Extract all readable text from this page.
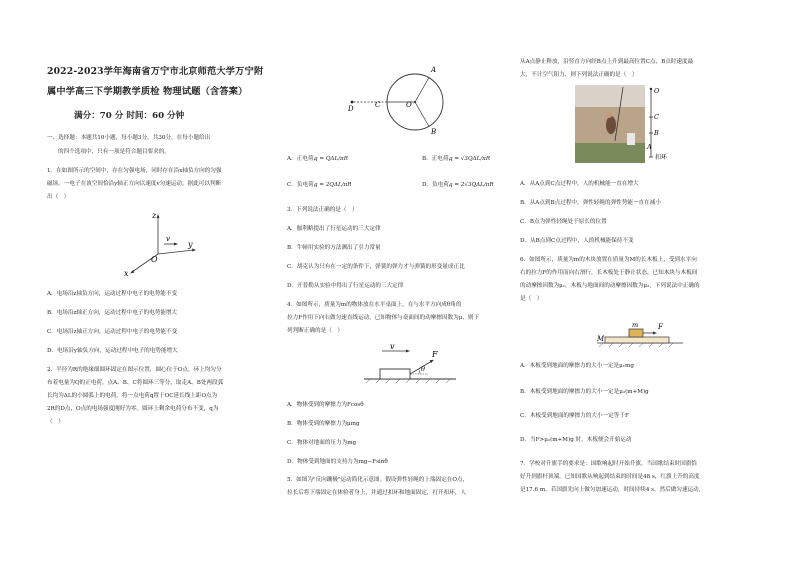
2022-2023学年海南省万宁市北京师范大学万宁附
属中学高三下学期教学质检 物理试题（含答案）
满分：70 分 时间：60 分钟
一、选择题：本题共10小题，每小题3分，共30分。在每小题给出
的四个选项中，只有一项是符合题目要求的。
1．在如图所示的空间中，存在匀强电场，同时存在沿x轴负方向的匀强
磁场。一电子在该空间恰沿y轴正方向以速度v匀速运动。据此可以判断
出（　）
z
y
x
v
O
A．电场沿z轴负方向，运动过程中电子的电势能不变
B．电场沿z轴正方向，运动过程中电子的电势能增大
C．电场沿z轴正方向，运动过程中电子的电势能不变
D．电场沿y轴负方向，运动过程中电子的电势能增大
2．半径为R的绝缘细圆环固定在图示位置，圆心位于O点，环上均匀分
布着电量为Q的正电荷。点A、B、C将圆环三等分，取走A、B处两段弧
长均为ΔL的小圆弧上的电荷。将一点电荷q置于OC延长线上距O点为
2R的D点，O点的电场强度刚好为零。圆环上剩余电荷分布不变，q为
（　）
A
B
C
D	O
A．正电荷，
q = QΔL/πR	B．正电荷，
q = √3QΔL/πR
C．负电荷，
q = 2QΔL/πR	D．负电荷，
q = 2√3QΔL/πR
3．下列说法正确的是（　）
A．伽利略提出了行星运动的三大定律
B．牛顿用实验的方法测出了引力常量
C．胡克认为只有在一定的条件下，弹簧的弹力才与弹簧的形变量成正比
D．开普勒从实验中得出了行星运动的三大定律
4．如图所示，质量为m的物体放在水平桌面上，在与水平方向成θ角的
拉力F作用下向右做匀速直线运动，已知物体与桌面间的动摩擦因数为μ，则下
列判断正确的是（　）
v
F
θ
A．物体受到的摩擦力为Fcosθ
B．物体受到的摩擦力为μmg
C．物体对地面的压力为mg
D．物体受到地面的支持力为mg−Fsinθ
5．如图为"反向蹦极"运动简化示意图。假设弹性轻绳的上端固定在O点，
拉长后将下端固定在体验者身上，并通过扣环和地面固定，打开扣环，人
从A点静止释放，沿竖直方向经B点上升到最高位置C点，B点时速度最
大，不计空气阻力，则下列说法正确的是（　）
O
C
B
A
扣环
A．从A点到C点过程中，人的机械能一直在增大
B．从A点到B点过程中，弹性轻绳的弹性势能一直在减小
C．B点为弹性轻绳处于原长的位置
D．从B点到C点过程中，人的机械能保持不变
6．如图所示，质量为m的木块放置在质量为M的长木板上，受到水平向
右的拉力F的作用而向右滑行，长木板处于静止状态，已知木块与木板间
的动摩擦因数为μ₁，木板与地面间的动摩擦因数为μ₂，下列说法中正确的
是（　）
M
m	F
A．木板受到地面的摩擦力的大小一定是μ₁mg
B．木板受到地面的摩擦力的大小一定是μ₂(m+M)g
C．木板受到地面的摩擦力的大小一定等于F
D．当F>μ₂(m+M)g 时，木板便会开始运动
7．学校对升旗手的要求是：国歌响起时开始升旗，当国歌结束时国旗恰
好升到旗杆顶端。已知国歌从响起到结束的时间是48 s，红旗上升的高度
是17.6 m。若国旗先向上做匀加速运动，时间持续4 s，然后做匀速运动，
